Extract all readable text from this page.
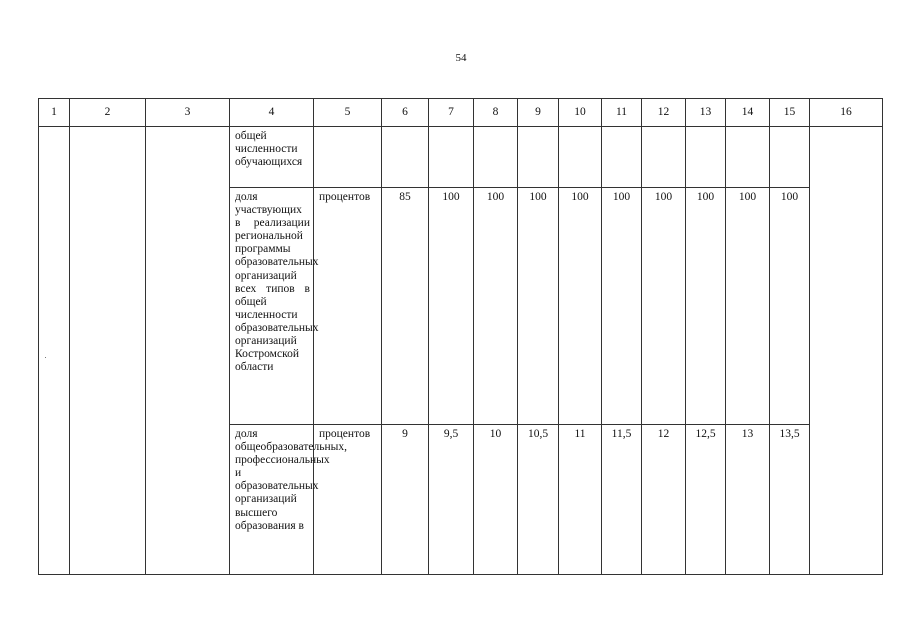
54
1	2	3	4	5	6	7	8	9	10	11	12	13	14	15	16

			общей численности обучающихся												

			доля участвующих в реализации региональной программы образовательных организаций всех типов в общей численности образовательных организаций Костромской области	процентов	85	100	100	100	100	100	100	100	100	100	

			доля общеобразовательных, профессиональных и образовательных организаций высшего образования в	процентов	9	9,5	10	10,5	11	11,5	12	12,5	13	13,5	
